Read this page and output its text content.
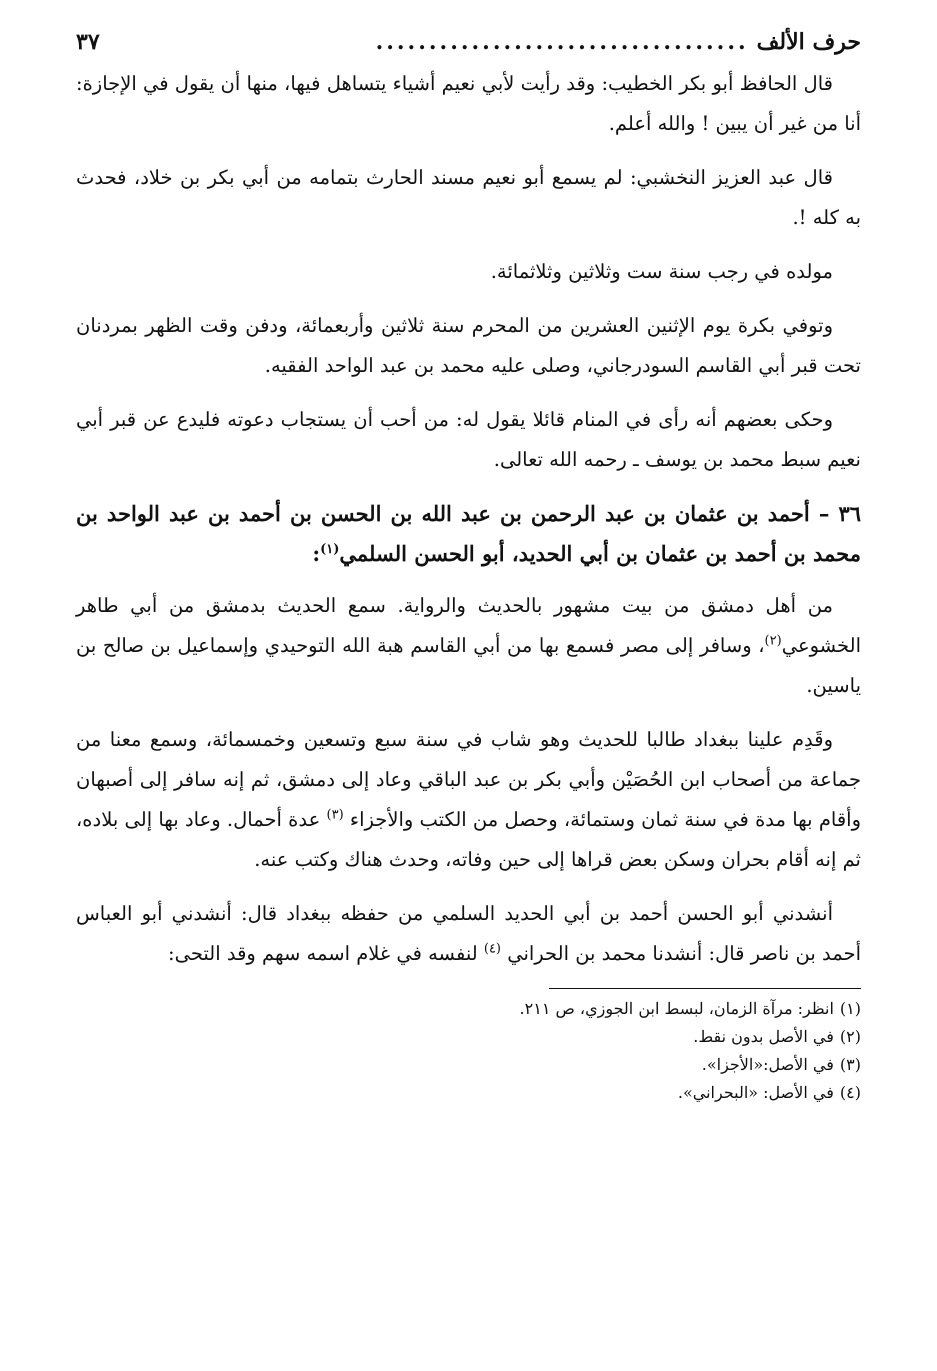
حرف الألف
...................................
٣٧

قال الحافظ أبو بكر الخطيب: وقد رأيت لأبي نعيم أشياء يتساهل فيها، منها أن يقول في الإجازة: أنا من غير أن يبين ! والله أعلم.

قال عبد العزيز النخشبي: لم يسمع أبو نعيم مسند الحارث بتمامه من أبي بكر بن خلاد، فحدث به كله !.

مولده في رجب سنة ست وثلاثين وثلاثمائة.

وتوفي بكرة يوم الإثنين العشرين من المحرم سنة ثلاثين وأربعمائة، ودفن وقت الظهر بمردنان تحت قبر أبي القاسم السودرجاني، وصلى عليه محمد بن عبد الواحد الفقيه.

وحكى بعضهم أنه رأى في المنام قائلا يقول له: من أحب أن يستجاب دعوته فليدع عن قبر أبي نعيم سبط محمد بن يوسف ـ رحمه الله تعالى.

٣٦ – أحمد بن عثمان بن عبد الرحمن بن عبد الله بن الحسن بن أحمد بن عبد الواحد بن محمد بن أحمد بن عثمان بن أبي الحديد، أبو الحسن السلمي$^{(١)}$:

من أهل دمشق من بيت مشهور بالحديث والرواية. سمع الحديث بدمشق من أبي طاهر الخشوعي$^{(٢)}$، وسافر إلى مصر فسمع بها من أبي القاسم هبة الله التوحيدي وإسماعيل بن صالح بن ياسين.

وقَدِم علينا ببغداد طالبا للحديث وهو شاب في سنة سبع وتسعين وخمسمائة، وسمع معنا من جماعة من أصحاب ابن الحُصَيْن وأبي بكر بن عبد الباقي وعاد إلى دمشق، ثم إنه سافر إلى أصبهان وأقام بها مدة في سنة ثمان وستمائة، وحصل من الكتب والأجزاء $^{(٣)}$ عدة أحمال. وعاد بها إلى بلاده، ثم إنه أقام بحران وسكن بعض قراها إلى حين وفاته، وحدث هناك وكتب عنه.

أنشدني أبو الحسن أحمد بن أبي الحديد السلمي من حفظه ببغداد قال: أنشدني أبو العباس أحمد بن ناصر قال: أنشدنا محمد بن الحراني $^{(٤)}$ لنفسه في غلام اسمه سهم وقد التحى:

(١)
انظر: مرآة الزمان، لبسط ابن الجوزي، ص ٢١١.
(٢)
في الأصل بدون نقط.
(٣)
في الأصل:«الأجزا».
(٤)
في الأصل: «البحراني».
